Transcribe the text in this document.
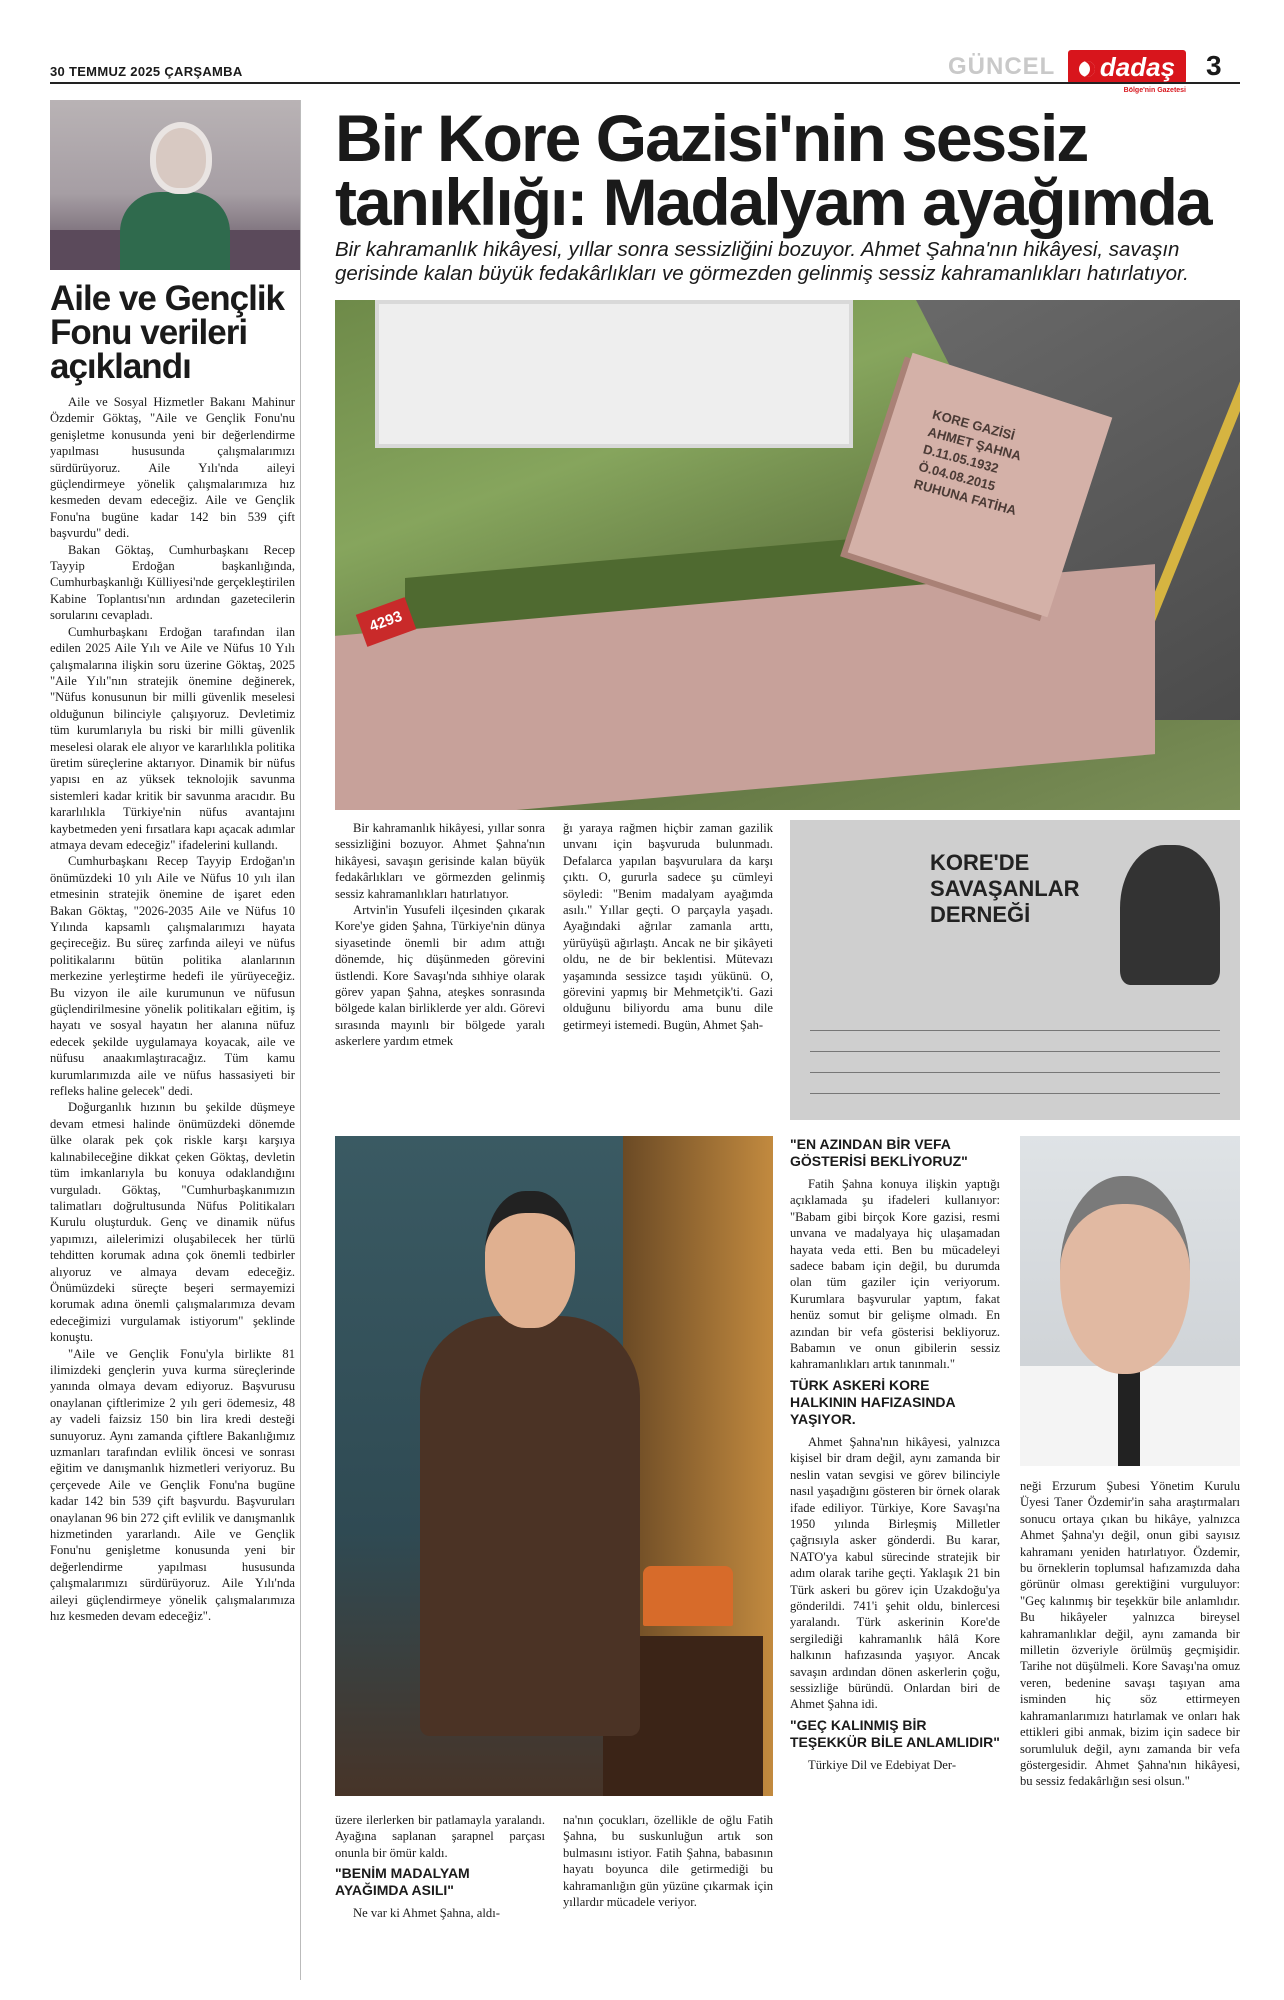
30 TEMMUZ 2025 ÇARŞAMBA	GÜNCEL	dadaş
Bölge'nin Gazetesi
3
Aile ve Gençlik Fonu verileri açıklandı

Aile ve Sosyal Hizmetler Bakanı Mahinur Özdemir Göktaş, "Aile ve Gençlik Fonu'nu genişletme konusunda yeni bir değerlendirme yapılması hususunda çalışmalarımızı sürdürüyoruz. Aile Yılı'nda aileyi güçlendirmeye yönelik çalışmalarımıza hız kesmeden devam edeceğiz. Aile ve Gençlik Fonu'na bugüne kadar 142 bin 539 çift başvurdu" dedi.

Bakan Göktaş, Cumhurbaşkanı Recep Tayyip Erdoğan başkanlığında, Cumhurbaşkanlığı Külliyesi'nde gerçekleştirilen Kabine Toplantısı'nın ardından gazetecilerin sorularını cevapladı.

Cumhurbaşkanı Erdoğan tarafından ilan edilen 2025 Aile Yılı ve Aile ve Nüfus 10 Yılı çalışmalarına ilişkin soru üzerine Göktaş, 2025 "Aile Yılı"nın stratejik önemine değinerek, "Nüfus konusunun bir milli güvenlik meselesi olduğunun bilinciyle çalışıyoruz. Devletimiz tüm kurumlarıyla bu riski bir milli güvenlik meselesi olarak ele alıyor ve kararlılıkla politika üretim süreçlerine aktarıyor. Dinamik bir nüfus yapısı en az yüksek teknolojik savunma sistemleri kadar kritik bir savunma aracıdır. Bu kararlılıkla Türkiye'nin nüfus avantajını kaybetmeden yeni fırsatlara kapı açacak adımlar atmaya devam edeceğiz" ifadelerini kullandı.

Cumhurbaşkanı Recep Tayyip Erdoğan'ın önümüzdeki 10 yılı Aile ve Nüfus 10 yılı ilan etmesinin stratejik önemine de işaret eden Bakan Göktaş, "2026-2035 Aile ve Nüfus 10 Yılında kapsamlı çalışmalarımızı hayata geçireceğiz. Bu süreç zarfında aileyi ve nüfus politikalarını bütün politika alanlarının merkezine yerleştirme hedefi ile yürüyeceğiz. Bu vizyon ile aile kurumunun ve nüfusun güçlendirilmesine yönelik politikaları eğitim, iş hayatı ve sosyal hayatın her alanına nüfuz edecek şekilde uygulamaya koyacak, aile ve nüfusu anaakımlaştıracağız. Tüm kamu kurumlarımızda aile ve nüfus hassasiyeti bir refleks haline gelecek" dedi.

Doğurganlık hızının bu şekilde düşmeye devam etmesi halinde önümüzdeki dönemde ülke olarak pek çok riskle karşı karşıya kalınabileceğine dikkat çeken Göktaş, devletin tüm imkanlarıyla bu konuya odaklandığını vurguladı. Göktaş, "Cumhurbaşkanımızın talimatları doğrultusunda Nüfus Politikaları Kurulu oluşturduk. Genç ve dinamik nüfus yapımızı, ailelerimizi oluşabilecek her türlü tehditten korumak adına çok önemli tedbirler alıyoruz ve almaya devam edeceğiz. Önümüzdeki süreçte beşeri sermayemizi korumak adına önemli çalışmalarımıza devam edeceğimizi vurgulamak istiyorum" şeklinde konuştu.

"Aile ve Gençlik Fonu'yla birlikte 81 ilimizdeki gençlerin yuva kurma süreçlerinde yanında olmaya devam ediyoruz. Başvurusu onaylanan çiftlerimize 2 yılı geri ödemesiz, 48 ay vadeli faizsiz 150 bin lira kredi desteği sunuyoruz. Aynı zamanda çiftlere Bakanlığımız uzmanları tarafından evlilik öncesi ve sonrası eğitim ve danışmanlık hizmetleri veriyoruz. Bu çerçevede Aile ve Gençlik Fonu'na bugüne kadar 142 bin 539 çift başvurdu. Başvuruları onaylanan 96 bin 272 çift evlilik ve danışmanlık hizmetinden yararlandı. Aile ve Gençlik Fonu'nu genişletme konusunda yeni bir değerlendirme yapılması hususunda çalışmalarımızı sürdürüyoruz. Aile Yılı'nda aileyi güçlendirmeye yönelik çalışmalarımıza hız kesmeden devam edeceğiz".

Bir Kore Gazisi'nin sessiz tanıklığı: Madalyam ayağımda
Bir kahramanlık hikâyesi, yıllar sonra sessizliğini bozuyor. Ahmet Şahna'nın hikâyesi, savaşın gerisinde kalan büyük fedakârlıkları ve görmezden gelinmiş sessiz kahramanlıkları hatırlatıyor.
KORE GAZİSİ AHMET ŞAHNA D.11.05.1932 Ö.04.08.2015 RUHUNA FATİHA
4293

Bir kahramanlık hikâyesi, yıllar sonra sessizliğini bozuyor. Ahmet Şahna'nın hikâyesi, savaşın gerisinde kalan büyük fedakârlıkları ve görmezden gelinmiş sessiz kahramanlıkları hatırlatıyor.

Artvin'in Yusufeli ilçesinden çıkarak Kore'ye giden Şahna, Türkiye'nin dünya siyasetinde önemli bir adım attığı dönemde, hiç düşünmeden görevini üstlendi. Kore Savaşı'nda sıhhiye olarak görev yapan Şahna, ateşkes sonrasında bölgede kalan birliklerde yer aldı. Görevi sırasında mayınlı bir bölgede yaralı askerlere yardım etmek

ğı yaraya rağmen hiçbir zaman gazilik unvanı için başvuruda bulunmadı. Defalarca yapılan başvurulara da karşı çıktı. O, gururla sadece şu cümleyi söyledi: "Benim madalyam ayağımda asılı." Yıllar geçti. O parçayla yaşadı. Ayağındaki ağrılar zamanla arttı, yürüyüşü ağırlaştı. Ancak ne bir şikâyeti oldu, ne de bir beklentisi. Mütevazı yaşamında sessizce taşıdı yükünü. O, görevini yapmış bir Mehmetçik'ti. Gazi olduğunu biliyordu ama bunu dile getirmeyi istemedi. Bugün, Ahmet Şah-

KORE'DE SAVAŞANLAR DERNEĞİ

üzere ilerlerken bir patlamayla yaralandı. Ayağına saplanan şarapnel parçası onunla bir ömür kaldı.

"BENİM MADALYAM AYAĞIMDA ASILI"

Ne var ki Ahmet Şahna, aldı-

na'nın çocukları, özellikle de oğlu Fatih Şahna, bu suskunluğun artık son bulmasını istiyor. Fatih Şahna, babasının hayatı boyunca dile getirmediği bu kahramanlığın gün yüzüne çıkarmak için yıllardır mücadele veriyor.

"EN AZINDAN BİR VEFA GÖSTERİSİ BEKLİYORUZ"

Fatih Şahna konuya ilişkin yaptığı açıklamada şu ifadeleri kullanıyor: "Babam gibi birçok Kore gazisi, resmi unvana ve madalyaya hiç ulaşamadan hayata veda etti. Ben bu mücadeleyi sadece babam için değil, bu durumda olan tüm gaziler için veriyorum. Kurumlara başvurular yaptım, fakat henüz somut bir gelişme olmadı. En azından bir vefa gösterisi bekliyoruz. Babamın ve onun gibilerin sessiz kahramanlıkları artık tanınmalı."

TÜRK ASKERİ KORE HALKININ HAFIZASINDA YAŞIYOR.

Ahmet Şahna'nın hikâyesi, yalnızca kişisel bir dram değil, aynı zamanda bir neslin vatan sevgisi ve görev bilinciyle nasıl yaşadığını gösteren bir örnek olarak ifade ediliyor. Türkiye, Kore Savaşı'na 1950 yılında Birleşmiş Milletler çağrısıyla asker gönderdi. Bu karar, NATO'ya kabul sürecinde stratejik bir adım olarak tarihe geçti. Yaklaşık 21 bin Türk askeri bu görev için Uzakdoğu'ya gönderildi. 741'i şehit oldu, binlercesi yaralandı. Türk askerinin Kore'de sergilediği kahramanlık hâlâ Kore halkının hafızasında yaşıyor. Ancak savaşın ardından dönen askerlerin çoğu, sessizliğe büründü. Onlardan biri de Ahmet Şahna idi.

"GEÇ KALINMIŞ BİR TEŞEKKÜR BİLE ANLAMLIDIR"

Türkiye Dil ve Edebiyat Der-

neği Erzurum Şubesi Yönetim Kurulu Üyesi Taner Özdemir'in saha araştırmaları sonucu ortaya çıkan bu hikâye, yalnızca Ahmet Şahna'yı değil, onun gibi sayısız kahramanı yeniden hatırlatıyor. Özdemir, bu örneklerin toplumsal hafızamızda daha görünür olması gerektiğini vurguluyor: "Geç kalınmış bir teşekkür bile anlamlıdır. Bu hikâyeler yalnızca bireysel kahramanlıklar değil, aynı zamanda bir milletin özveriyle örülmüş geçmişidir. Tarihe not düşülmeli. Kore Savaşı'na omuz veren, bedenine savaşı taşıyan ama isminden hiç söz ettirmeyen kahramanlarımızı hatırlamak ve onları hak ettikleri gibi anmak, bizim için sadece bir sorumluluk değil, aynı zamanda bir vefa göstergesidir. Ahmet Şahna'nın hikâyesi, bu sessiz fedakârlığın sesi olsun."
